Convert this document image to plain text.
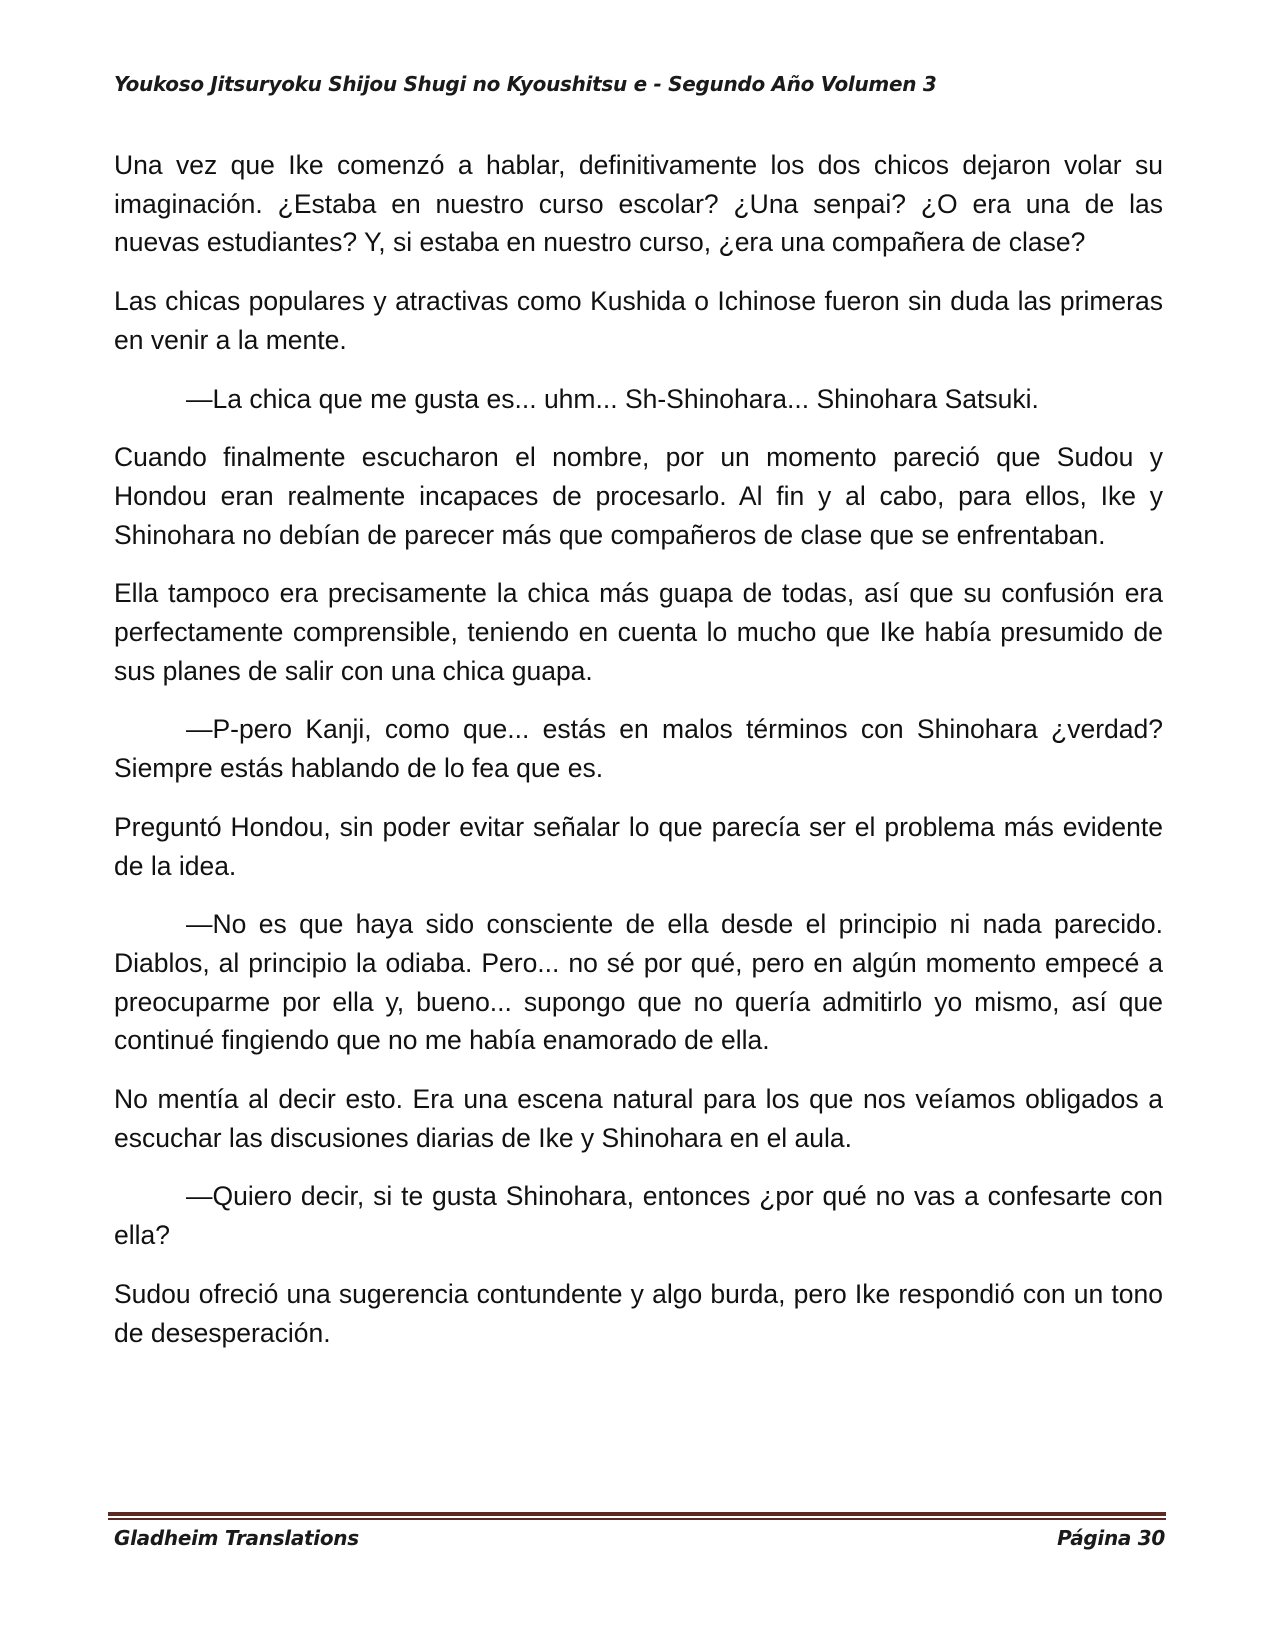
Youkoso Jitsuryoku Shijou Shugi no Kyoushitsu e - Segundo Año Volumen 3

Una vez que Ike comenzó a hablar, definitivamente los dos chicos dejaron volar su imaginación. ¿Estaba en nuestro curso escolar? ¿Una senpai? ¿O era una de las nuevas estudiantes? Y, si estaba en nuestro curso, ¿era una compañera de clase?

Las chicas populares y atractivas como Kushida o Ichinose fueron sin duda las primeras en venir a la mente.

—La chica que me gusta es... uhm... Sh-Shinohara... Shinohara Satsuki.

Cuando finalmente escucharon el nombre, por un momento pareció que Sudou y Hondou eran realmente incapaces de procesarlo. Al fin y al cabo, para ellos, Ike y Shinohara no debían de parecer más que compañeros de clase que se enfrentaban.

Ella tampoco era precisamente la chica más guapa de todas, así que su confusión era perfectamente comprensible, teniendo en cuenta lo mucho que Ike había presumido de sus planes de salir con una chica guapa.

—P-pero Kanji, como que... estás en malos términos con Shinohara ¿verdad? Siempre estás hablando de lo fea que es.

Preguntó Hondou, sin poder evitar señalar lo que parecía ser el problema más evidente de la idea.

—No es que haya sido consciente de ella desde el principio ni nada parecido. Diablos, al principio la odiaba. Pero... no sé por qué, pero en algún momento empecé a preocuparme por ella y, bueno... supongo que no quería admitirlo yo mismo, así que continué fingiendo que no me había enamorado de ella.

No mentía al decir esto. Era una escena natural para los que nos veíamos obligados a escuchar las discusiones diarias de Ike y Shinohara en el aula.

—Quiero decir, si te gusta Shinohara, entonces ¿por qué no vas a confesarte con ella?

Sudou ofreció una sugerencia contundente y algo burda, pero Ike respondió con un tono de desesperación.

Gladheim Translations	Página 30
